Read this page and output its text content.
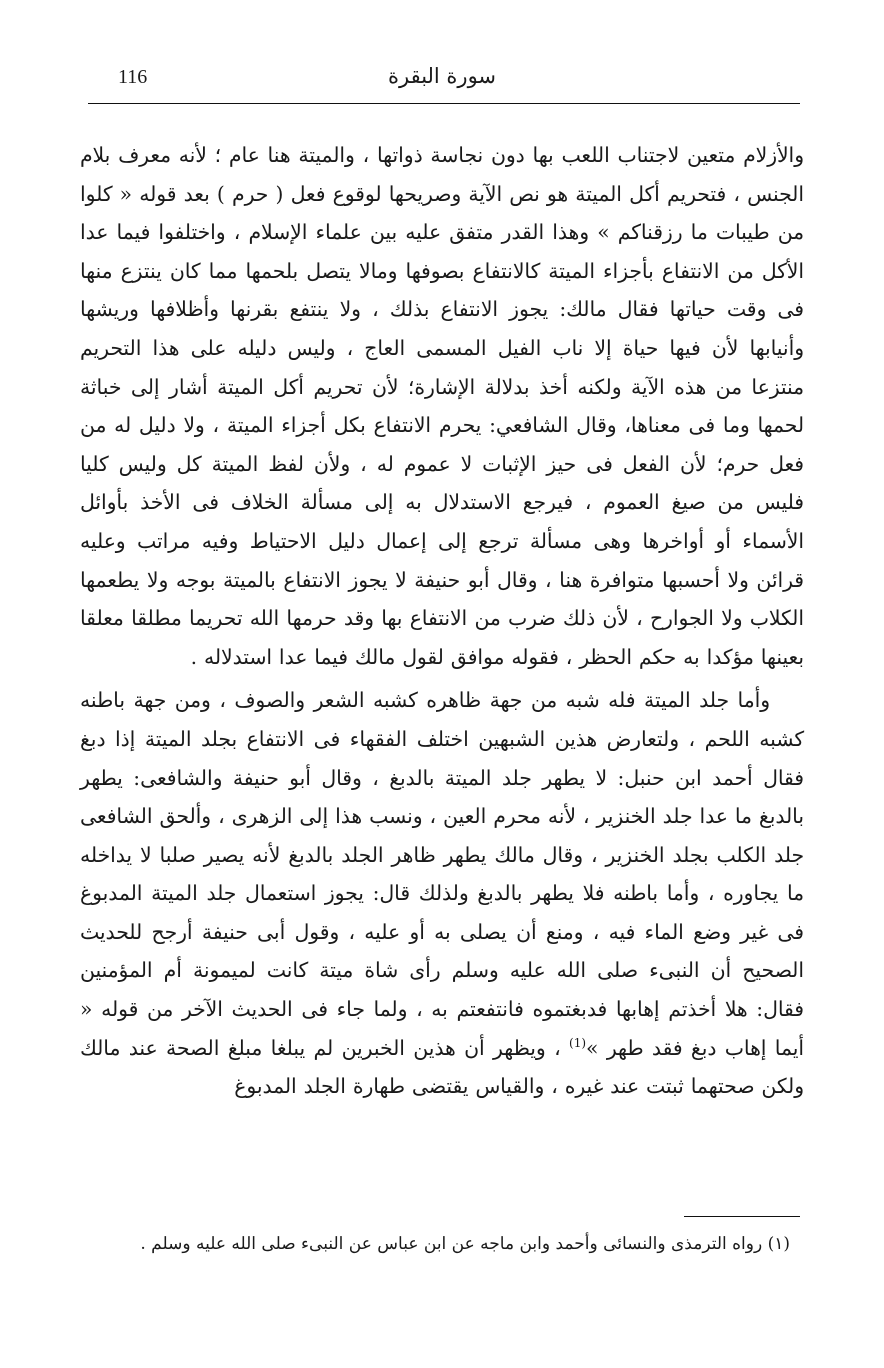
116	سورة البقرة

والأزلام متعين لاجتناب اللعب بها دون نجاسة ذواتها ، والميتة هنا عام ؛ لأنه معرف بلام الجنس ، فتحريم أكل الميتة هو نص الآية وصريحها لوقوع فعل ( حرم ) بعد قوله « كلوا من طيبات ما رزقناكم » وهذا القدر متفق عليه بين علماء الإسلام ، واختلفوا فيما عدا الأكل من الانتفاع بأجزاء الميتة كالانتفاع بصوفها ومالا يتصل بلحمها مما كان ينتزع منها فى وقت حياتها فقال مالك: يجوز الانتفاع بذلك ، ولا ينتفع بقرنها وأظلافها وريشها وأنيابها لأن فيها حياة إلا ناب الفيل المسمى العاج ، وليس دليله على هذا التحريم منتزعا من هذه الآية ولكنه أخذ بدلالة الإشارة؛ لأن تحريم أكل الميتة أشار إلى خباثة لحمها وما فى معناها، وقال الشافعي: يحرم الانتفاع بكل أجزاء الميتة ، ولا دليل له من فعل حرم؛ لأن الفعل فى حيز الإثبات لا عموم له ، ولأن لفظ الميتة كل وليس كليا فليس من صيغ العموم ، فيرجع الاستدلال به إلى مسألة الخلاف فى الأخذ بأوائل الأسماء أو أواخرها وهى مسألة ترجع إلى إعمال دليل الاحتياط وفيه مراتب وعليه قرائن ولا أحسبها متوافرة هنا ، وقال أبو حنيفة لا يجوز الانتفاع بالميتة بوجه ولا يطعمها الكلاب ولا الجوارح ، لأن ذلك ضرب من الانتفاع بها وقد حرمها الله تحريما مطلقا معلقا بعينها مؤكدا به حكم الحظر ، فقوله موافق لقول مالك فيما عدا استدلاله .

وأما جلد الميتة فله شبه من جهة ظاهره كشبه الشعر والصوف ، ومن جهة باطنه كشبه اللحم ، ولتعارض هذين الشبهين اختلف الفقهاء فى الانتفاع بجلد الميتة إذا دبغ فقال أحمد ابن حنبل: لا يطهر جلد الميتة بالدبغ ، وقال أبو حنيفة والشافعى: يطهر بالدبغ ما عدا جلد الخنزير ، لأنه محرم العين ، ونسب هذا إلى الزهرى ، وألحق الشافعى جلد الكلب بجلد الخنزير ، وقال مالك يطهر ظاهر الجلد بالدبغ لأنه يصير صلبا لا يداخله ما يجاوره ، وأما باطنه فلا يطهر بالدبغ ولذلك قال: يجوز استعمال جلد الميتة المدبوغ فى غير وضع الماء فيه ، ومنع أن يصلى به أو عليه ، وقول أبى حنيفة أرجح للحديث الصحيح أن النبىء صلى الله عليه وسلم رأى شاة ميتة كانت لميمونة أم المؤمنين فقال: هلا أخذتم إهابها فدبغتموه فانتفعتم به ، ولما جاء فى الحديث الآخر من قوله « أيما إهاب دبغ فقد طهر »$^{(1)}$ ، ويظهر أن هذين الخبرين لم يبلغا مبلغ الصحة عند مالك ولكن صحتهما ثبتت عند غيره ، والقياس يقتضى طهارة الجلد المدبوغ

(١) رواه الترمذى والنسائى وأحمد وابن ماجه عن ابن عباس عن النبىء صلى الله عليه وسلم .
